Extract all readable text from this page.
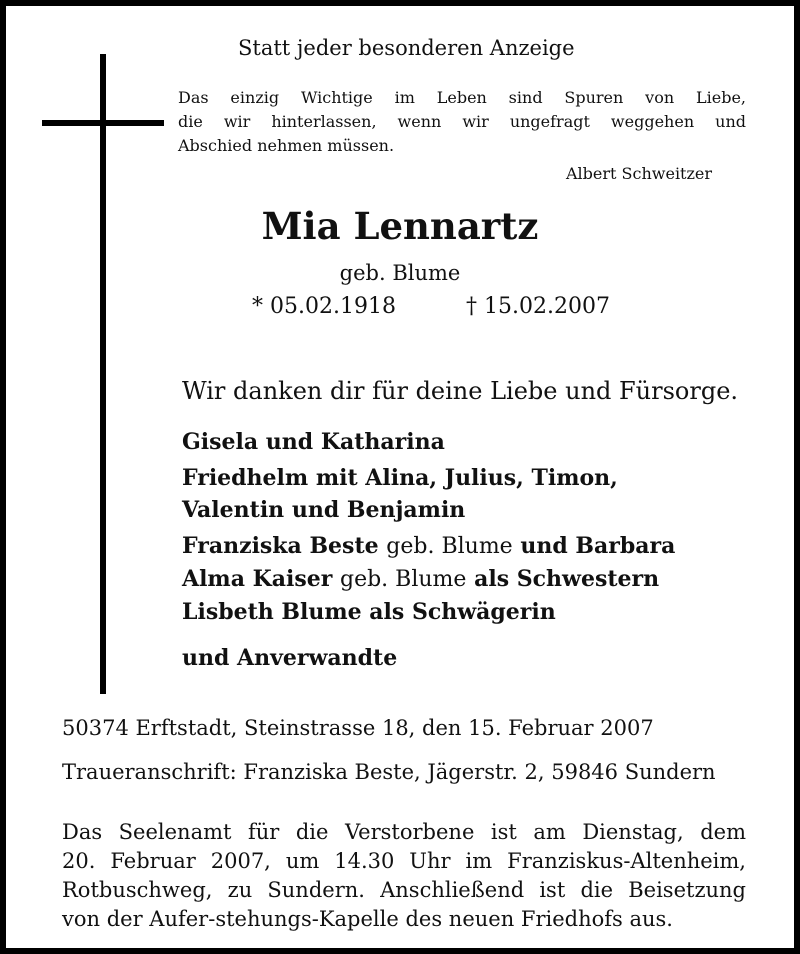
Statt jeder besonderen Anzeige

Das einzig Wichtige im Leben sind Spuren von Liebe,
die wir hinterlassen, wenn wir ungefragt weggehen und
Abschied nehmen müssen.

Albert Schweitzer

Mia Lennartz

geb. Blume

* 05.02.1918	† 15.02.2007

Wir danken dir für deine Liebe und Fürsorge.

Gisela und Katharina
Friedhelm mit Alina, Julius, Timon,
Valentin und Benjamin
Franziska Beste geb. Blume und Barbara
Alma Kaiser geb. Blume als Schwestern
Lisbeth Blume als Schwägerin
und Anverwandte

50374 Erftstadt, Steinstrasse 18, den 15. Februar 2007

Traueranschrift: Franziska Beste, Jägerstr. 2, 59846 Sundern

Das Seelenamt für die Verstorbene ist am Dienstag, dem
20. Februar 2007, um 14.30 Uhr im Franziskus-Altenheim,
Rotbuschweg, zu Sundern. Anschließend ist die Beisetzung
von der Aufer-stehungs-Kapelle des neuen Friedhofs aus.
